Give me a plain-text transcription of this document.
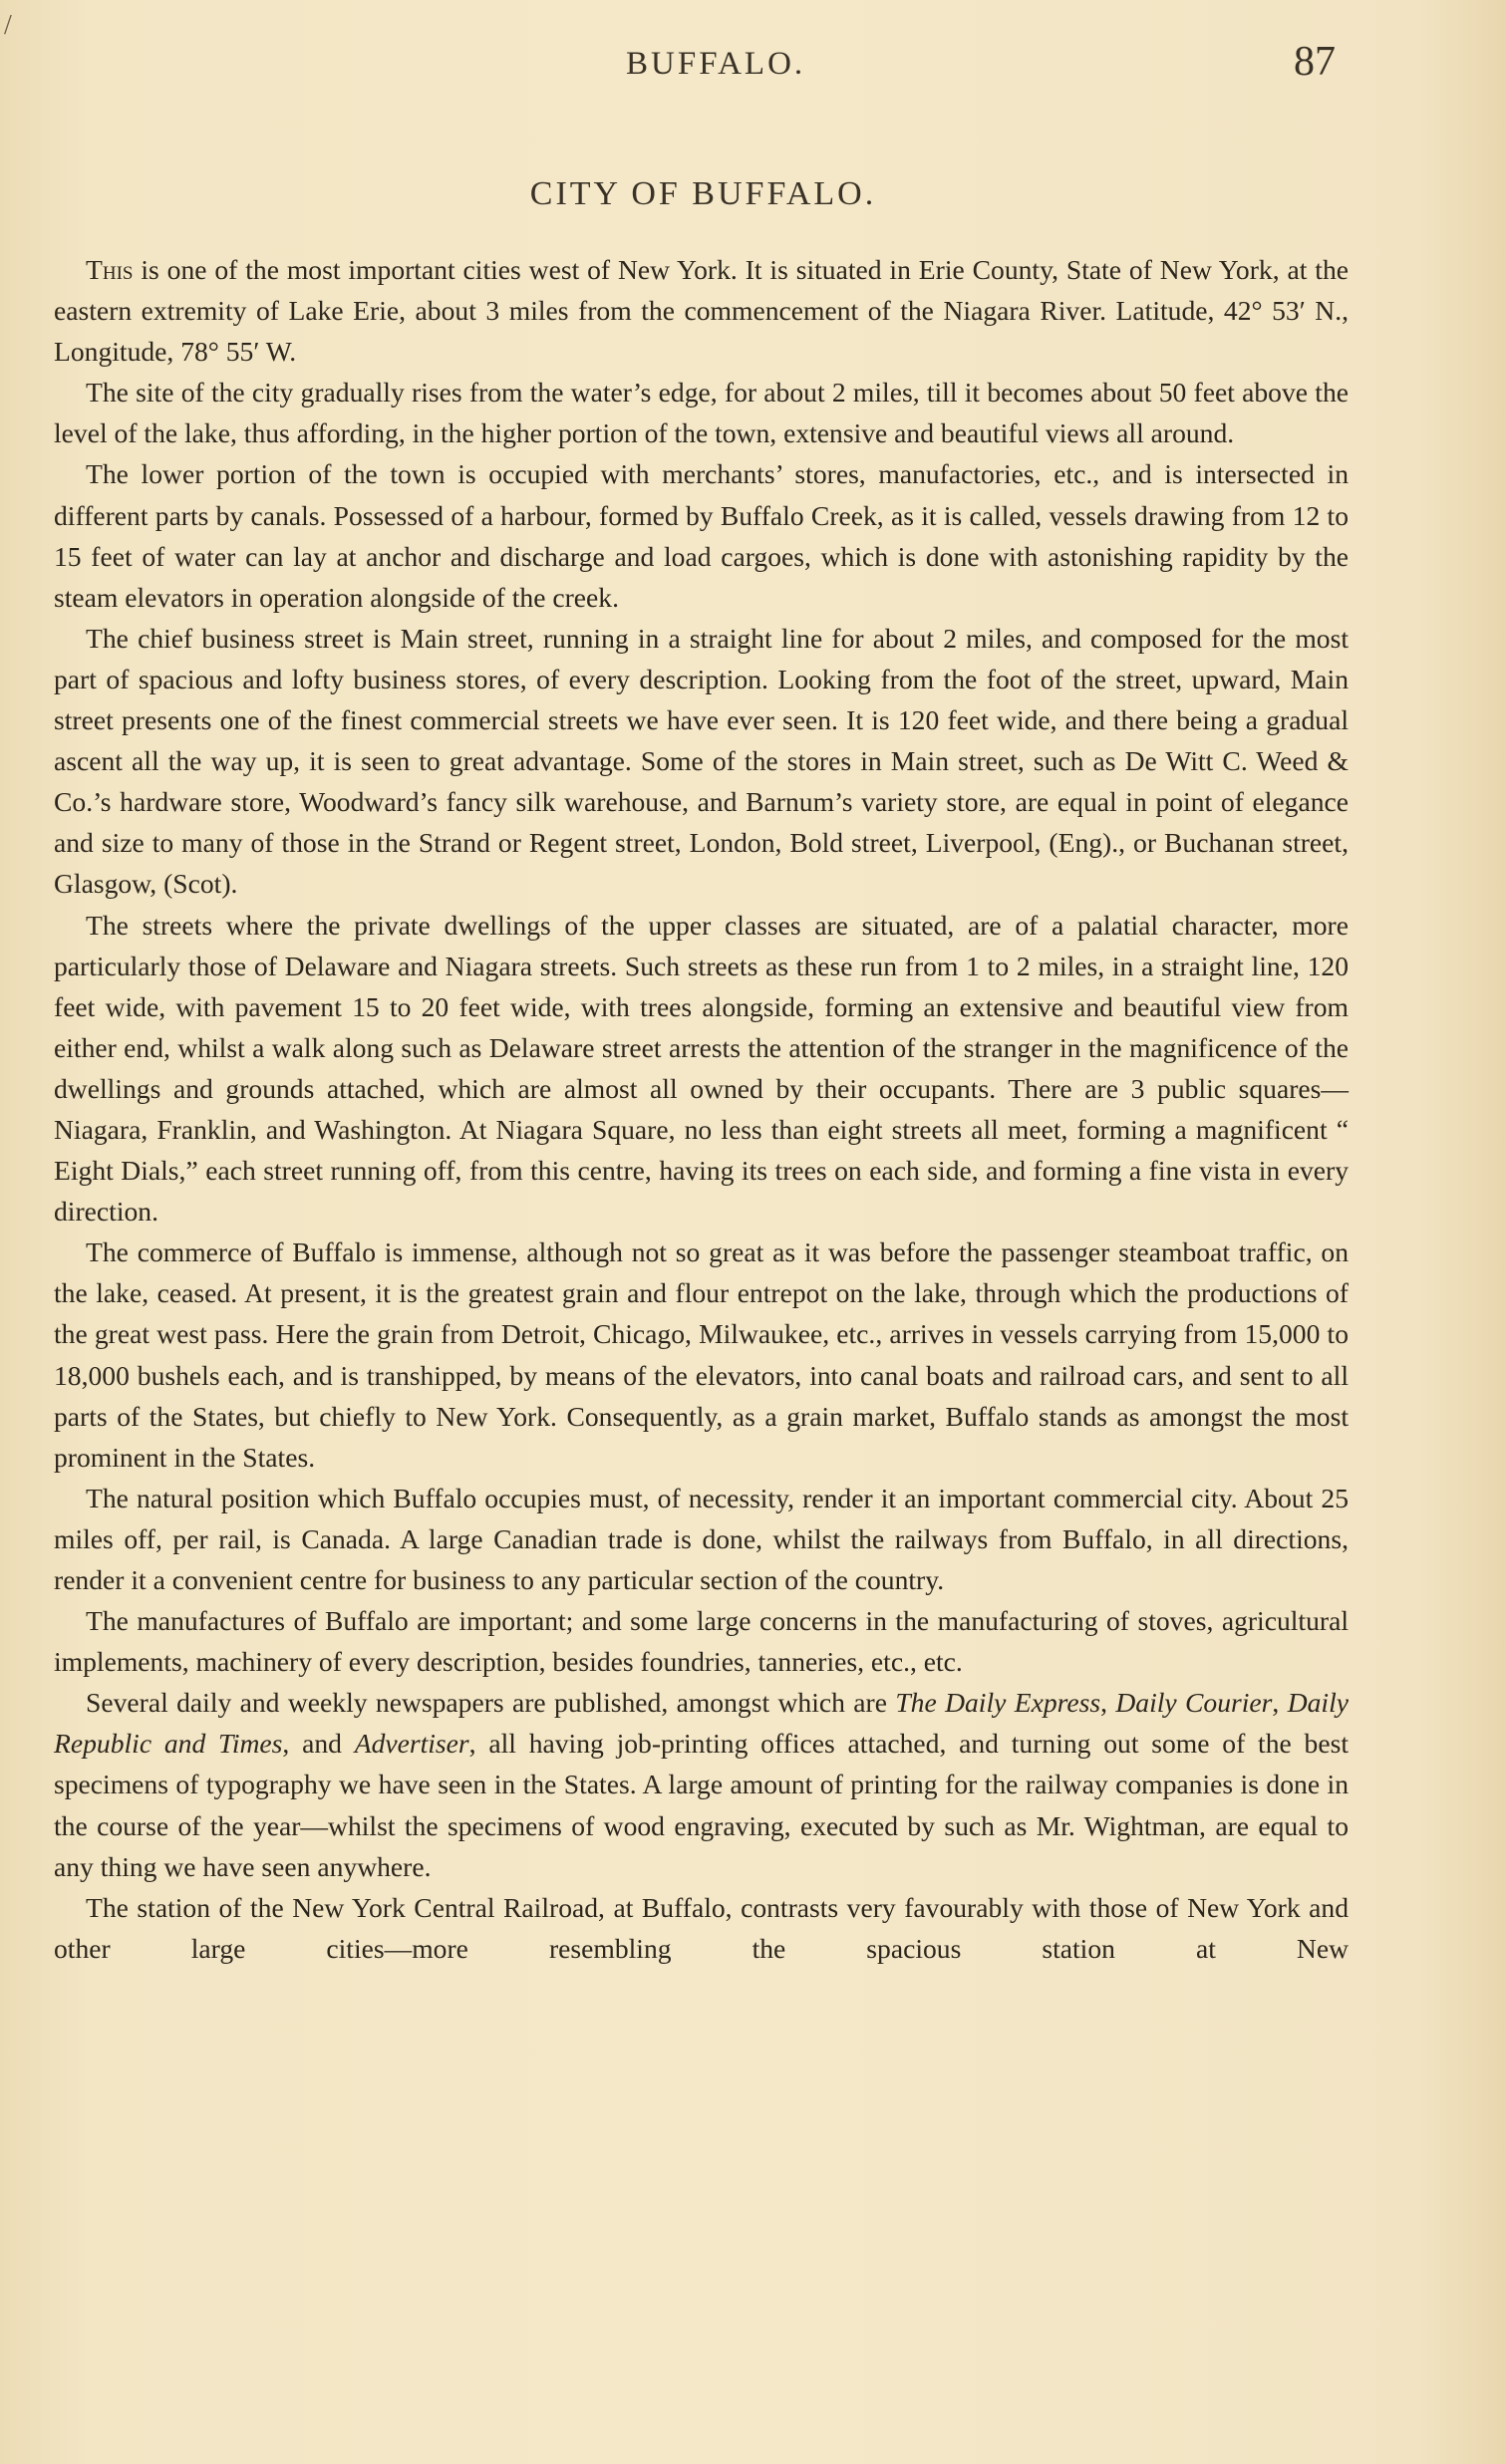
/
BUFFALO.	87
CITY OF BUFFALO.

This is one of the most important cities west of New York. It is situated in Erie County, State of New York, at the eastern extremity of Lake Erie, about 3 miles from the commencement of the Niagara River. Latitude, 42° 53′ N., Longitude, 78° 55′ W.

The site of the city gradually rises from the water’s edge, for about 2 miles, till it becomes about 50 feet above the level of the lake, thus affording, in the higher portion of the town, extensive and beautiful views all around.

The lower portion of the town is occupied with merchants’ stores, manufactories, etc., and is intersected in different parts by canals. Possessed of a harbour, formed by Buffalo Creek, as it is called, vessels drawing from 12 to 15 feet of water can lay at anchor and discharge and load cargoes, which is done with astonishing rapidity by the steam elevators in operation alongside of the creek.

The chief business street is Main street, running in a straight line for about 2 miles, and composed for the most part of spacious and lofty business stores, of every description. Looking from the foot of the street, upward, Main street presents one of the finest commercial streets we have ever seen. It is 120 feet wide, and there being a gradual ascent all the way up, it is seen to great advantage. Some of the stores in Main street, such as De Witt C. Weed & Co.’s hardware store, Woodward’s fancy silk warehouse, and Barnum’s variety store, are equal in point of elegance and size to many of those in the Strand or Regent street, London, Bold street, Liverpool, (Eng)., or Buchanan street, Glasgow, (Scot).

The streets where the private dwellings of the upper classes are situated, are of a palatial character, more particularly those of Delaware and Niagara streets. Such streets as these run from 1 to 2 miles, in a straight line, 120 feet wide, with pavement 15 to 20 feet wide, with trees alongside, forming an extensive and beautiful view from either end, whilst a walk along such as Delaware street arrests the attention of the stranger in the magnificence of the dwellings and grounds attached, which are almost all owned by their occupants. There are 3 public squares—Niagara, Franklin, and Washington. At Niagara Square, no less than eight streets all meet, forming a magnificent “ Eight Dials,” each street running off, from this centre, having its trees on each side, and forming a fine vista in every direction.

The commerce of Buffalo is immense, although not so great as it was before the passenger steamboat traffic, on the lake, ceased. At present, it is the greatest grain and flour entrepot on the lake, through which the productions of the great west pass. Here the grain from Detroit, Chicago, Milwaukee, etc., arrives in vessels carrying from 15,000 to 18,000 bushels each, and is transhipped, by means of the elevators, into canal boats and railroad cars, and sent to all parts of the States, but chiefly to New York. Consequently, as a grain market, Buffalo stands as amongst the most prominent in the States.

The natural position which Buffalo occupies must, of necessity, render it an important commercial city. About 25 miles off, per rail, is Canada. A large Canadian trade is done, whilst the railways from Buffalo, in all directions, render it a convenient centre for business to any particular section of the country.

The manufactures of Buffalo are important; and some large concerns in the manufacturing of stoves, agricultural implements, machinery of every description, besides foundries, tanneries, etc., etc.

Several daily and weekly newspapers are published, amongst which are The Daily Express, Daily Courier, Daily Republic and Times, and Advertiser, all having job-printing offices attached, and turning out some of the best specimens of typography we have seen in the States. A large amount of printing for the railway companies is done in the course of the year—whilst the specimens of wood engraving, executed by such as Mr. Wightman, are equal to any thing we have seen anywhere.

The station of the New York Central Railroad, at Buffalo, contrasts very favourably with those of New York and other large cities—more resembling the spacious station at New
